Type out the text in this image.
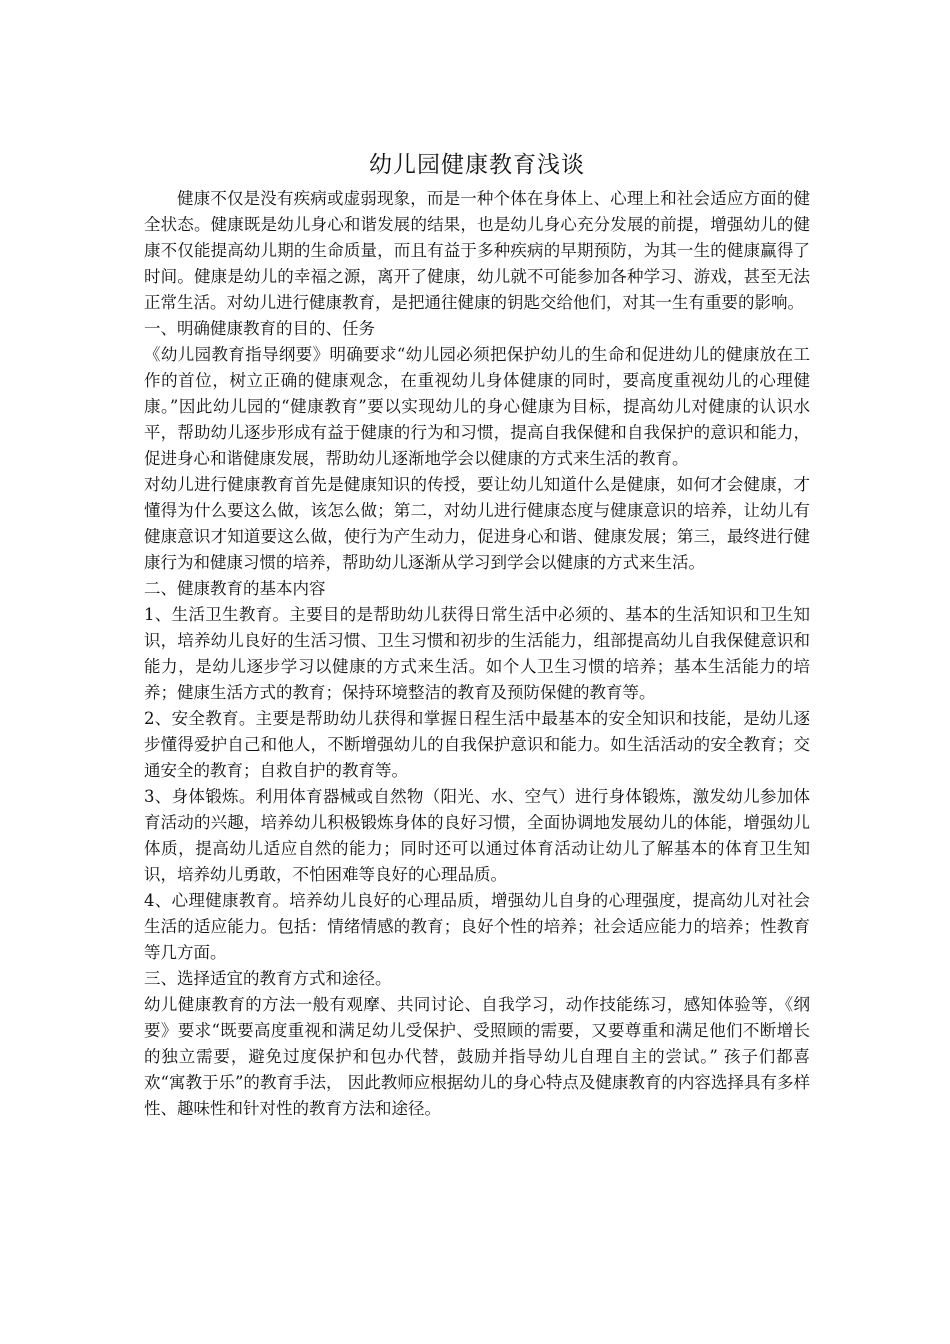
幼儿园健康教育浅谈

健康不仅是没有疾病或虚弱现象，而是一种个体在身体上、心理上和社会适应方面的健全状态。健康既是幼儿身心和谐发展的结果，也是幼儿身心充分发展的前提，增强幼儿的健康不仅能提高幼儿期的生命质量，而且有益于多种疾病的早期预防，为其一生的健康赢得了时间。健康是幼儿的幸福之源，离开了健康，幼儿就不可能参加各种学习、游戏，甚至无法正常生活。对幼儿进行健康教育，是把通往健康的钥匙交给他们，对其一生有重要的影响。

一、明确健康教育的目的、任务

《幼儿园教育指导纲要》明确要求“幼儿园必须把保护幼儿的生命和促进幼儿的健康放在工作的首位，树立正确的健康观念，在重视幼儿身体健康的同时，要高度重视幼儿的心理健康。”因此幼儿园的“健康教育”要以实现幼儿的身心健康为目标，提高幼儿对健康的认识水平，帮助幼儿逐步形成有益于健康的行为和习惯，提高自我保健和自我保护的意识和能力，促进身心和谐健康发展，帮助幼儿逐渐地学会以健康的方式来生活的教育。

对幼儿进行健康教育首先是健康知识的传授，要让幼儿知道什么是健康，如何才会健康，才懂得为什么要这么做，该怎么做；第二，对幼儿进行健康态度与健康意识的培养，让幼儿有健康意识才知道要这么做，使行为产生动力，促进身心和谐、健康发展；第三，最终进行健康行为和健康习惯的培养，帮助幼儿逐渐从学习到学会以健康的方式来生活。

二、健康教育的基本内容

1、生活卫生教育。主要目的是帮助幼儿获得日常生活中必须的、基本的生活知识和卫生知识，培养幼儿良好的生活习惯、卫生习惯和初步的生活能力，组部提高幼儿自我保健意识和能力，是幼儿逐步学习以健康的方式来生活。如个人卫生习惯的培养；基本生活能力的培养；健康生活方式的教育；保持环境整洁的教育及预防保健的教育等。

2、安全教育。主要是帮助幼儿获得和掌握日程生活中最基本的安全知识和技能，是幼儿逐步懂得爱护自己和他人，不断增强幼儿的自我保护意识和能力。如生活活动的安全教育；交通安全的教育；自救自护的教育等。

3、身体锻炼。利用体育器械或自然物（阳光、水、空气）进行身体锻炼，激发幼儿参加体育活动的兴趣，培养幼儿积极锻炼身体的良好习惯，全面协调地发展幼儿的体能，增强幼儿体质，提高幼儿适应自然的能力；同时还可以通过体育活动让幼儿了解基本的体育卫生知识，培养幼儿勇敢，不怕困难等良好的心理品质。

4、心理健康教育。培养幼儿良好的心理品质，增强幼儿自身的心理强度，提高幼儿对社会生活的适应能力。包括：情绪情感的教育；良好个性的培养；社会适应能力的培养；性教育等几方面。

三、选择适宜的教育方式和途径。

幼儿健康教育的方法一般有观摩、共同讨论、自我学习，动作技能练习，感知体验等，《纲要》要求“既要高度重视和满足幼儿受保护、受照顾的需要，又要尊重和满足他们不断增长的独立需要，避免过度保护和包办代替，鼓励并指导幼儿自理自主的尝试。” 孩子们都喜欢“寓教于乐”的教育手法， 因此教师应根据幼儿的身心特点及健康教育的内容选择具有多样性、趣味性和针对性的教育方法和途径。
